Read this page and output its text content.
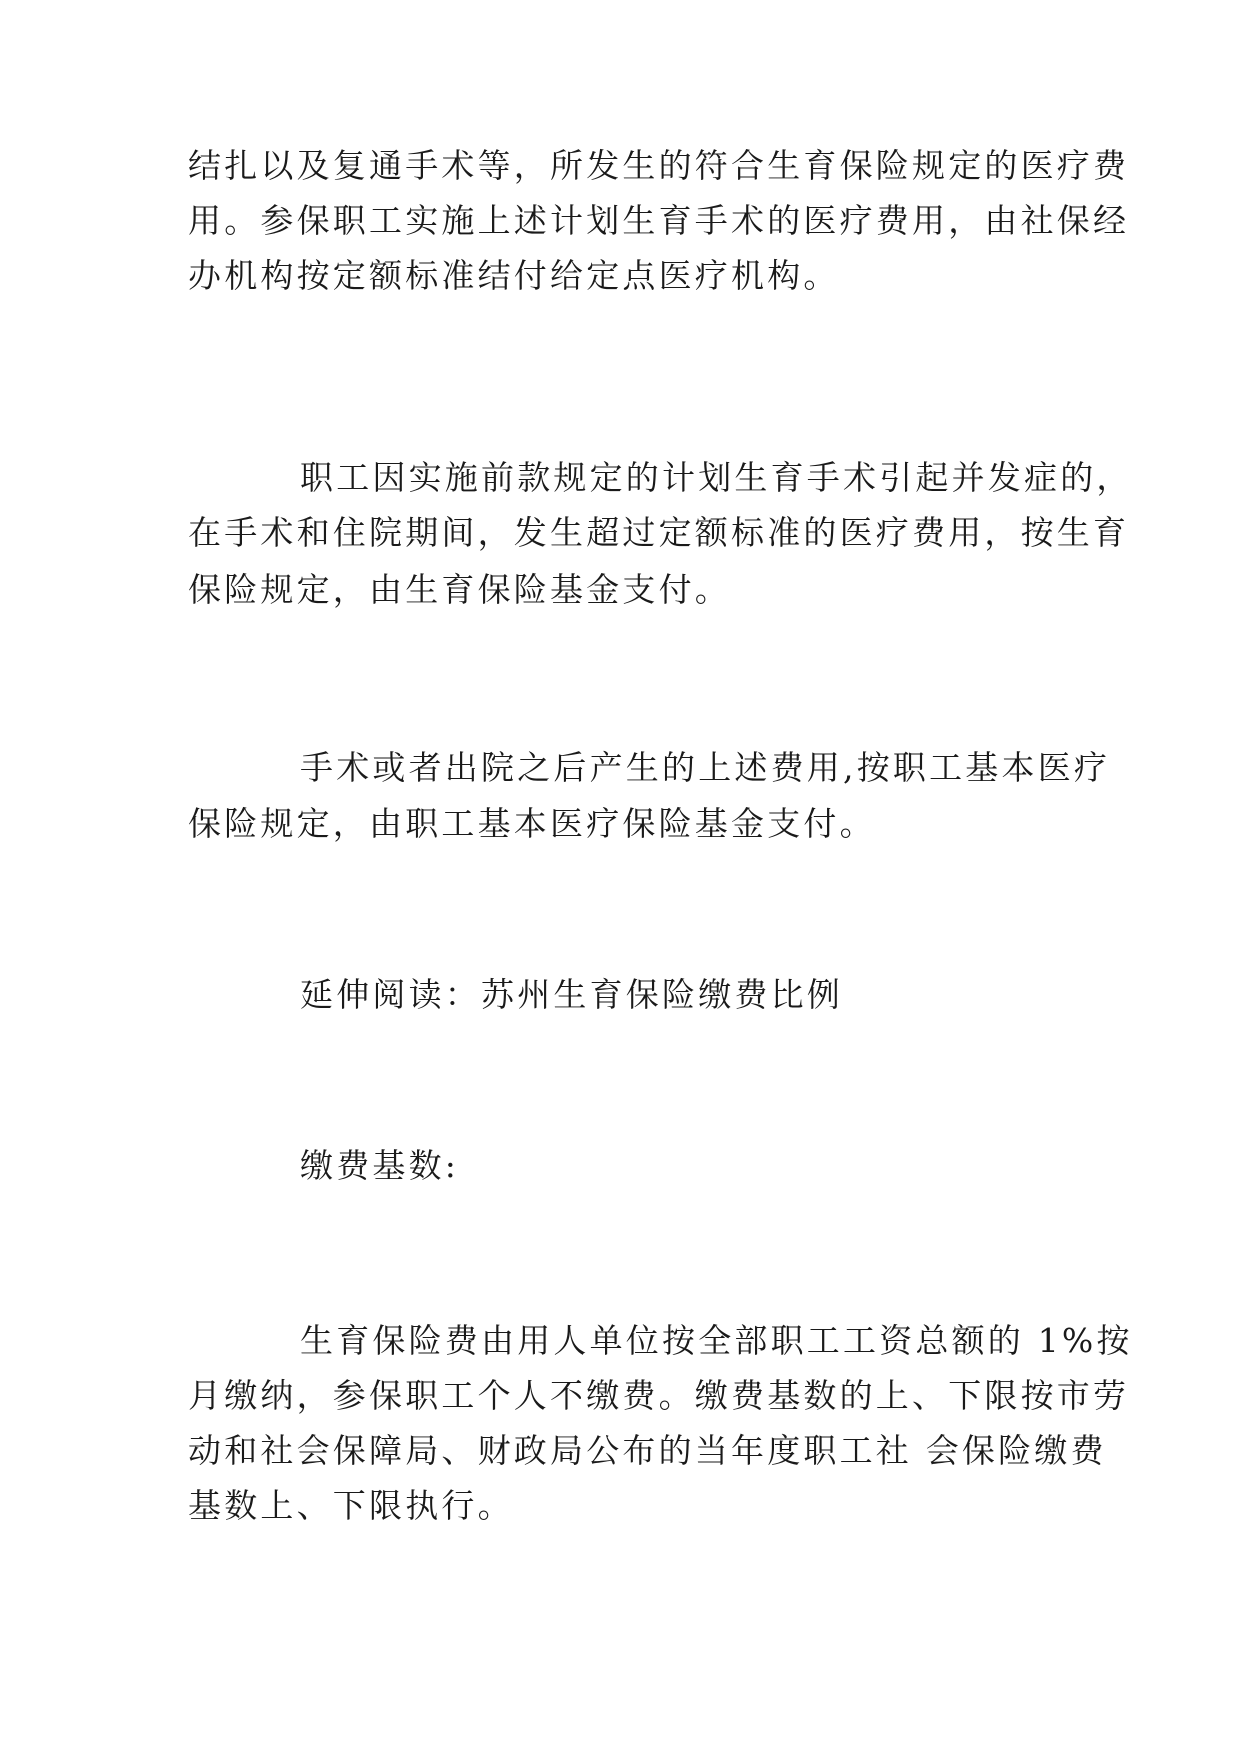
结扎以及复通手术等，所发生的符合生育保险规定的医疗费
用。参保职工实施上述计划生育手术的医疗费用，由社保经
办机构按定额标准结付给定点医疗机构。
职工因实施前款规定的计划生育手术引起并发症的，
在手术和住院期间，发生超过定额标准的医疗费用，按生育
保险规定，由生育保险基金支付。
手术或者出院之后产生的上述费用,按职工基本医疗
保险规定，由职工基本医疗保险基金支付。
延伸阅读：苏州生育保险缴费比例
缴费基数:
生育保险费由用人单位按全部职工工资总额的 1%按
月缴纳，参保职工个人不缴费。缴费基数的上、下限按市劳
动和社会保障局、财政局公布的当年度职工社 会保险缴费
基数上、下限执行。
